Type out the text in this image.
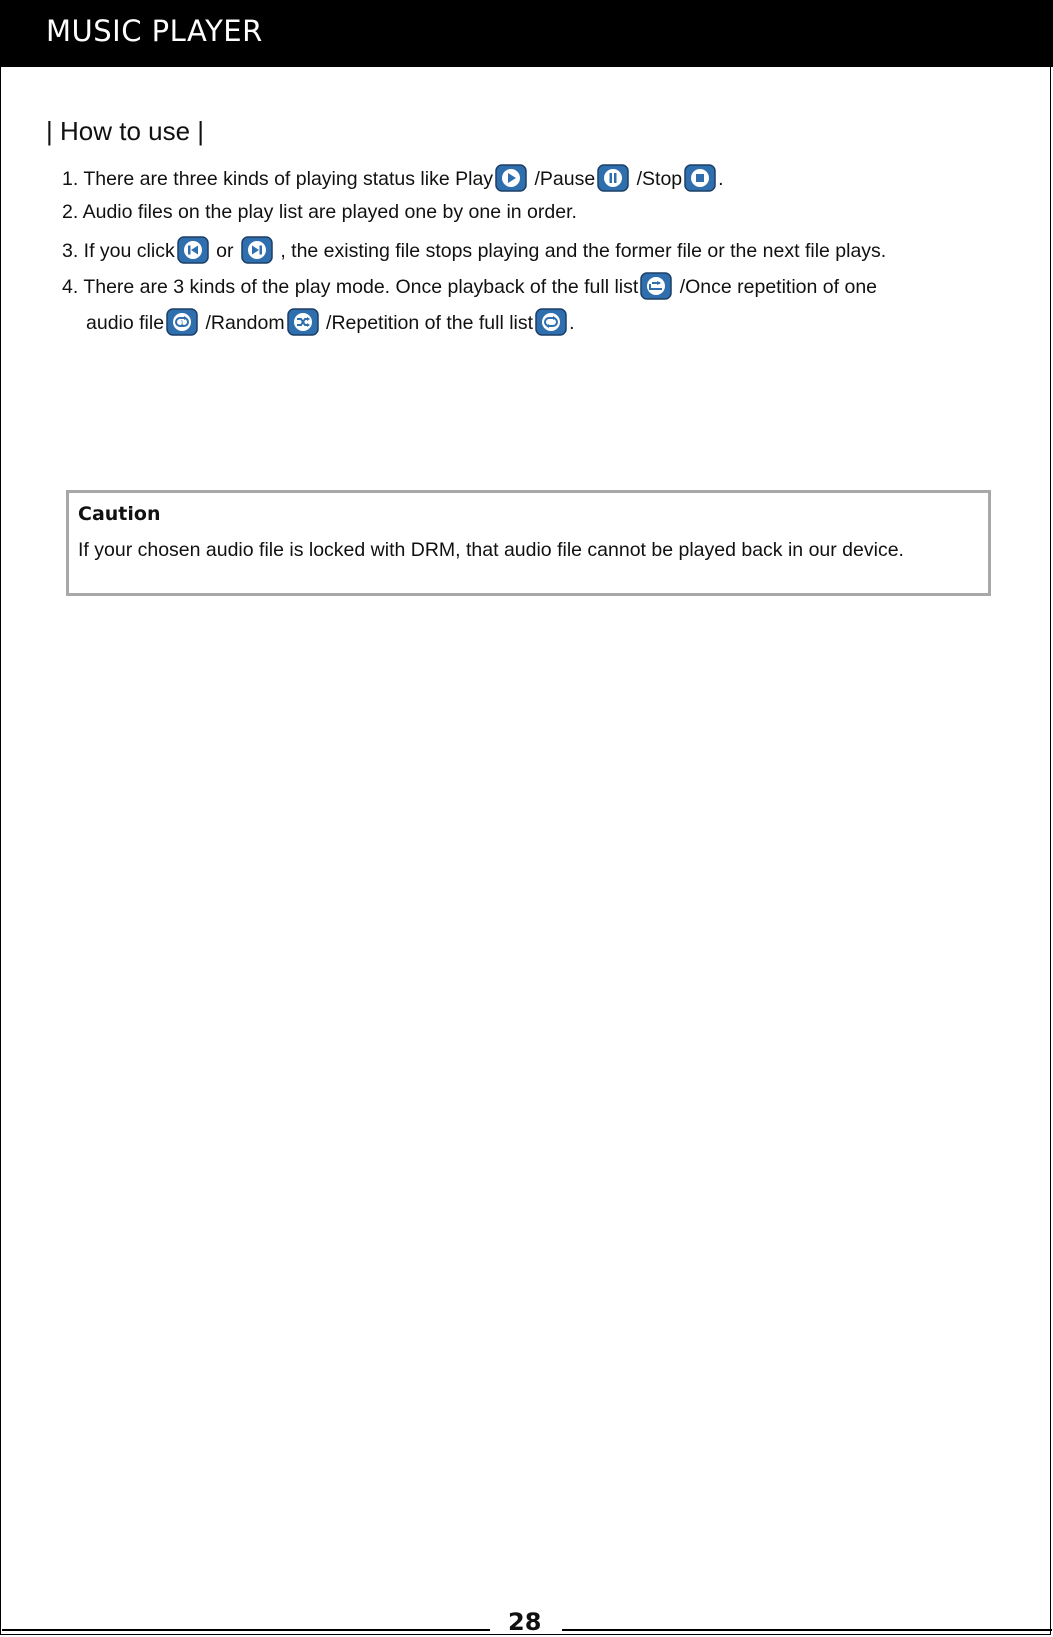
MUSIC PLAYER
| How to use |
1. There are three kinds of playing status like Play
/Pause
/Stop .
2. Audio files on the play list are played one by one in order.
3. If you click
or
, the existing file stops playing and the former file or the next file plays.
4. There are 3 kinds of the play mode. Once playback of the full list
/Once repetition of one
audio file	1 /Random
/Repetition of the full list .
Caution
If your chosen audio file is locked with DRM, that audio file cannot be played back in our device.
28
